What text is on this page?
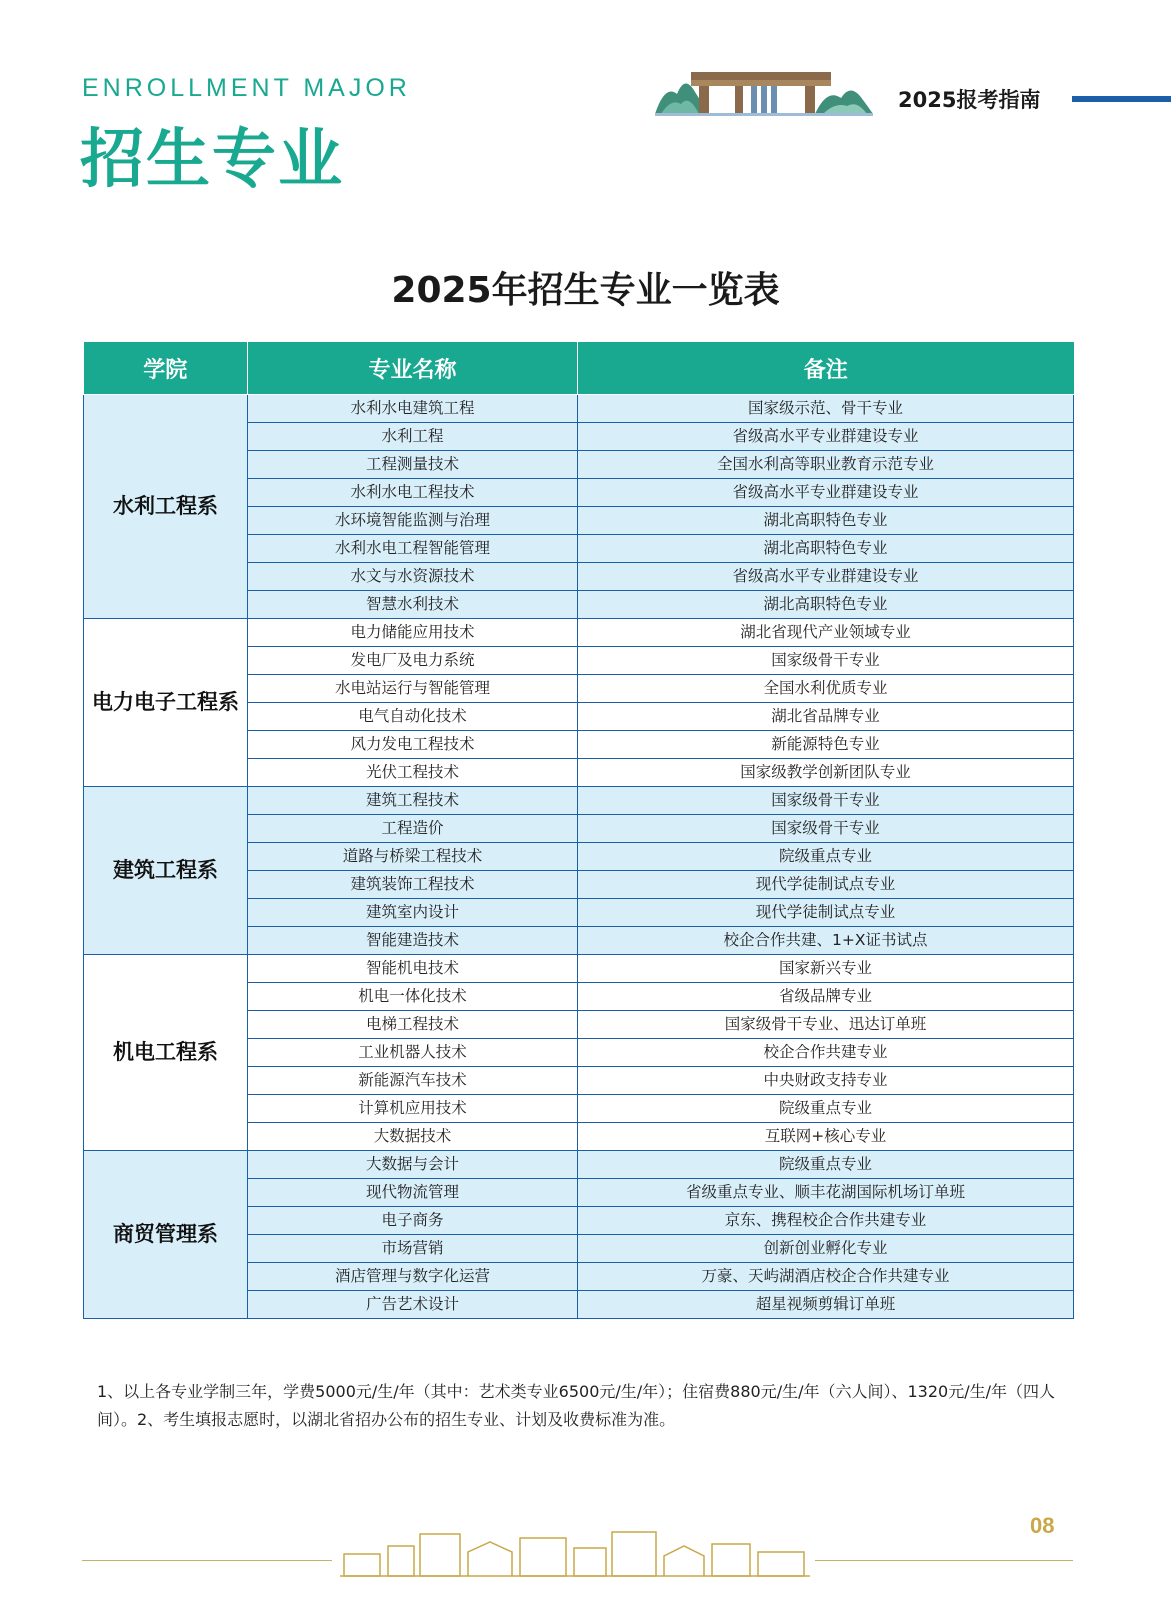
ENROLLMENT MAJOR
招生专业
2025报考指南
2025年招生专业一览表
学院	专业名称	备注
水利工程系	水利水电建筑工程	国家级示范、骨干专业
	水利工程	省级高水平专业群建设专业
	工程测量技术	全国水利高等职业教育示范专业
	水利水电工程技术	省级高水平专业群建设专业
	水环境智能监测与治理	湖北高职特色专业
	水利水电工程智能管理	湖北高职特色专业
	水文与水资源技术	省级高水平专业群建设专业
	智慧水利技术	湖北高职特色专业
电力电子工程系	电力储能应用技术	湖北省现代产业领域专业
	发电厂及电力系统	国家级骨干专业
	水电站运行与智能管理	全国水利优质专业
	电气自动化技术	湖北省品牌专业
	风力发电工程技术	新能源特色专业
	光伏工程技术	国家级教学创新团队专业
建筑工程系	建筑工程技术	国家级骨干专业
	工程造价	国家级骨干专业
	道路与桥梁工程技术	院级重点专业
	建筑装饰工程技术	现代学徒制试点专业
	建筑室内设计	现代学徒制试点专业
	智能建造技术	校企合作共建、1+X证书试点
机电工程系	智能机电技术	国家新兴专业
	机电一体化技术	省级品牌专业
	电梯工程技术	国家级骨干专业、迅达订单班
	工业机器人技术	校企合作共建专业
	新能源汽车技术	中央财政支持专业
	计算机应用技术	院级重点专业
	大数据技术	互联网+核心专业
商贸管理系	大数据与会计	院级重点专业
	现代物流管理	省级重点专业、顺丰花湖国际机场订单班
	电子商务	京东、携程校企合作共建专业
	市场营销	创新创业孵化专业
	酒店管理与数字化运营	万豪、天屿湖酒店校企合作共建专业
	广告艺术设计	超星视频剪辑订单班
1、以上各专业学制三年，学费5000元/生/年（其中：艺术类专业6500元/生/年）；住宿费880元/生/年（六人间）、1320元/生/年（四人间）。2、考生填报志愿时，以湖北省招办公布的招生专业、计划及收费标准为准。
08
